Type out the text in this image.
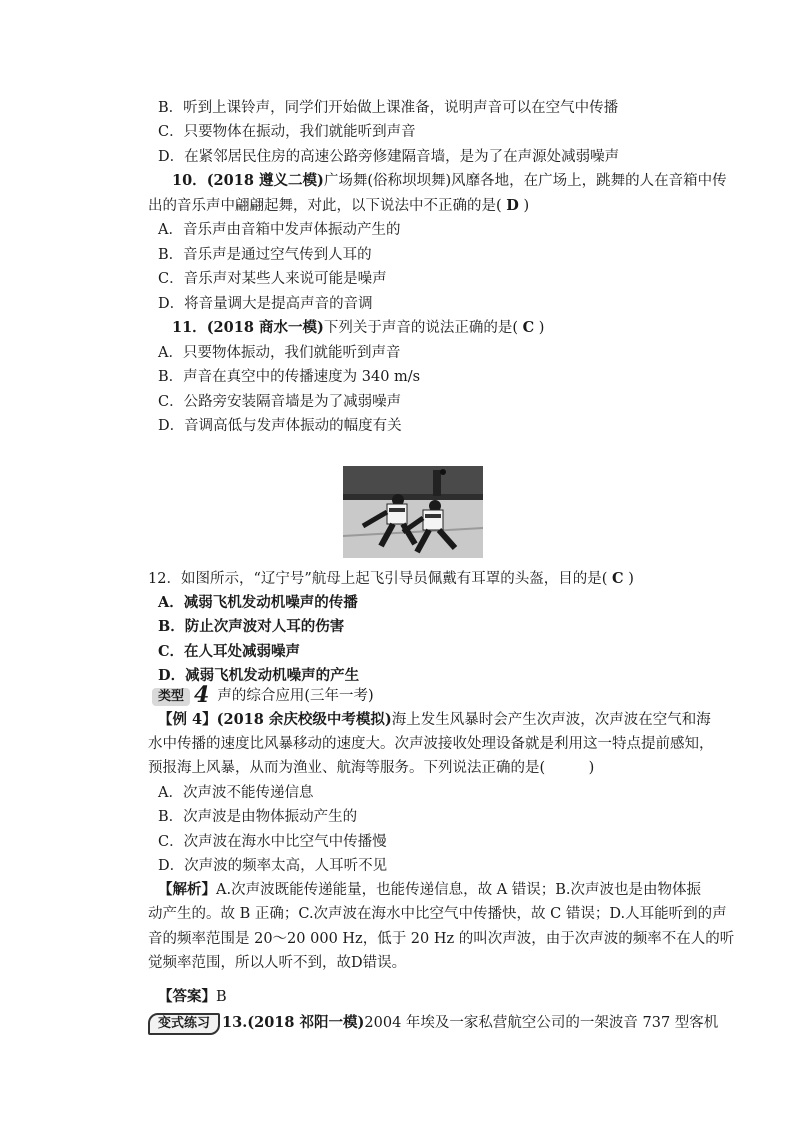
B．听到上课铃声，同学们开始做上课准备，说明声音可以在空气中传播
C．只要物体在振动，我们就能听到声音
D．在紧邻居民住房的高速公路旁修建隔音墙，是为了在声源处减弱噪声
10．(2018 遵义二模)广场舞(俗称坝坝舞)风靡各地，在广场上，跳舞的人在音箱中传
出的音乐声中翩翩起舞，对此，以下说法中不正确的是( D )
A．音乐声由音箱中发声体振动产生的
B．音乐声是通过空气传到人耳的
C．音乐声对某些人来说可能是噪声
D．将音量调大是提高声音的音调
11．(2018 商水一模)下列关于声音的说法正确的是( C )
A．只要物体振动，我们就能听到声音
B．声音在真空中的传播速度为 340 m/s
C．公路旁安装隔音墙是为了减弱噪声
D．音调高低与发声体振动的幅度有关
12．如图所示，“辽宁号”航母上起飞引导员佩戴有耳罩的头盔，目的是( C )
A．减弱飞机发动机噪声的传播
B．防止次声波对人耳的伤害
C．在人耳处减弱噪声
D．减弱飞机发动机噪声的产生
类型 4 声的综合应用(三年一考)
【例 4】(2018 余庆校级中考模拟)海上发生风暴时会产生次声波，次声波在空气和海
水中传播的速度比风暴移动的速度大。次声波接收处理设备就是利用这一特点提前感知，
预报海上风暴，从而为渔业、航海等服务。下列说法正确的是(　　　)
A．次声波不能传递信息
B．次声波是由物体振动产生的
C．次声波在海水中比空气中传播慢
D．次声波的频率太高，人耳听不见
【解析】A.次声波既能传递能量，也能传递信息，故 A 错误；B.次声波也是由物体振
动产生的。故 B 正确；C.次声波在海水中比空气中传播快，故 C 错误；D.人耳能听到的声
音的频率范围是 20～20 000 Hz，低于 20 Hz 的叫次声波，由于次声波的频率不在人的听
觉频率范围，所以人听不到，故D错误。
【答案】B
变式练习 13.(2018 祁阳一模)2004 年埃及一家私营航空公司的一架波音 737 型客机
